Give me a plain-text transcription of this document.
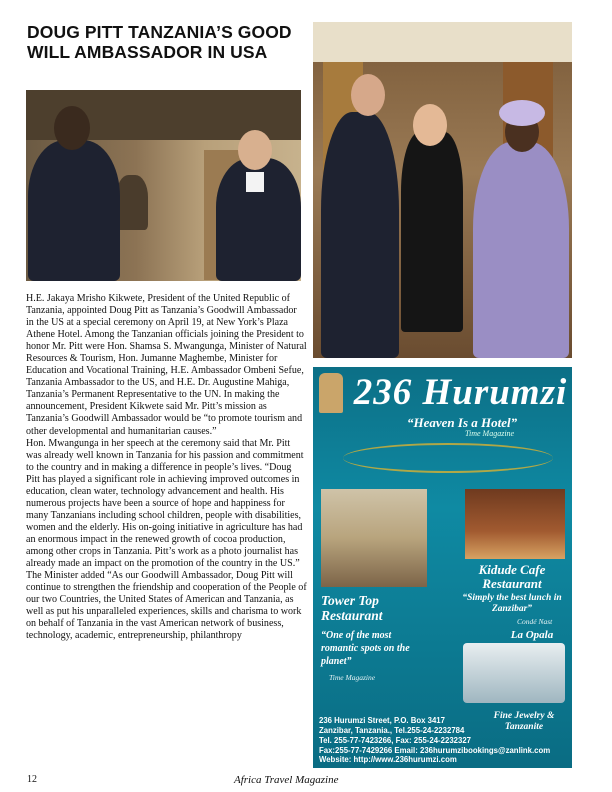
DOUG PITT TANZANIA’S GOOD WILL AMBASSADOR IN USA

H.E. Jakaya Mrisho Kikwete, President of the United Republic of Tanzania, appointed Doug Pitt as Tanzania’s Goodwill Ambassador in the US at a special ceremony on April 19, at New York’s Plaza Athene Hotel. Among the Tanzanian officials joining the President to honor Mr. Pitt were Hon. Shamsa S. Mwangunga, Minister of Natural Resources & Tourism, Hon. Jumanne Maghembe, Minister for Education and Vocational Training, H.E. Ambassador Ombeni Sefue, Tanzania Ambassador to the US, and H.E. Dr. Augustine Mahiga, Tanzania’s Permanent Representative to the UN. In making the announcement, President Kikwete said Mr. Pitt’s mission as Tanzania’s Goodwill Ambassador would be “to promote tourism and other developmental and humanitarian causes.”

Hon. Mwangunga in her speech at the ceremony said that Mr. Pitt was already well known in Tanzania for his passion and commitment to the country and in making a difference in people’s lives. “Doug Pitt has played a significant role in achieving improved outcomes in education, clean water, technology advancement and health. His numerous projects have been a source of hope and happiness for many Tanzanians including school children, people with disabilities, women and the elderly. His on-going initiative in agriculture has had an enormous impact in the renewed growth of cocoa production, among other crops in Tanzania. Pitt’s work as a photo journalist has already made an impact on the promotion of the country in the US.” The Minister added “As our Goodwill Ambassador, Doug Pitt will continue to strengthen the friendship and cooperation of the People of our two Countries, the United States of American and Tanzania, as well as put his unparalleled experiences, skills and charisma to work on behalf of Tanzania in the vast American network of business, technology, academic, entrepreneurship, philanthropy

236 Hurumzi
“Heaven Is a Hotel”
Time Magazine
Kidude Cafe Restaurant
“Simply the best lunch in Zanzibar”
Condé Nast
La Opala
Tower Top Restaurant
“One of the most romantic spots on the planet”
Time Magazine
Fine Jewelry & Tanzanite
236 Hurumzi Street, P.O. Box 3417
Zanzibar, Tanzania., Tel.255-24-2232784
Tel. 255-77-7423266, Fax: 255-24-2232327
Fax:255-77-7429266 Email: 236hurumzibookings@zanlink.com
Website: http://www.236hurumzi.com
12	Africa Travel Magazine
